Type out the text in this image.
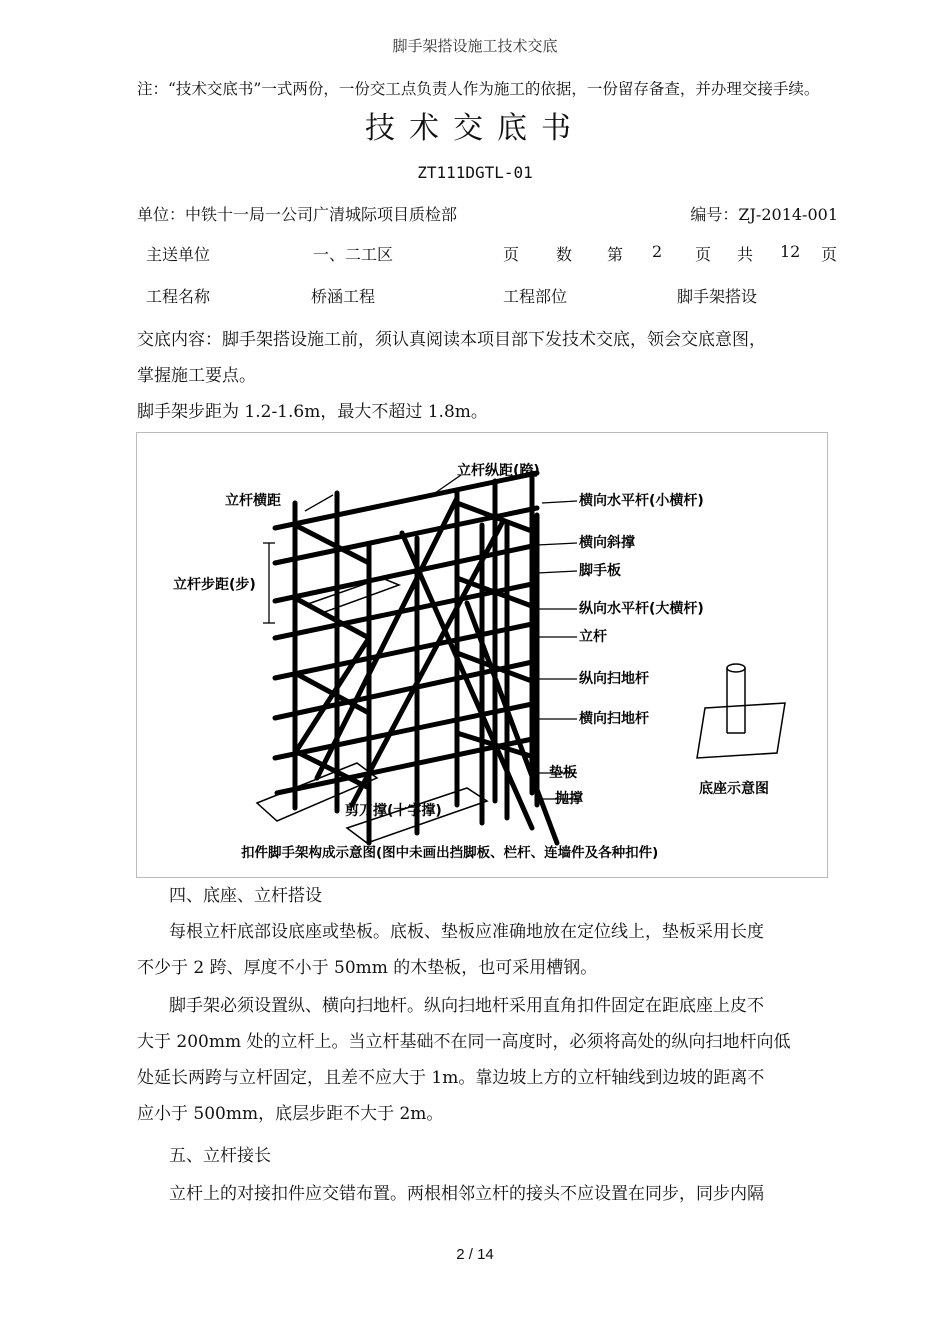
脚手架搭设施工技术交底
注：“技术交底书”一式两份，一份交工点负责人作为施工的依据，一份留存备查，并办理交接手续。
技术交底书
ZT111DGTL-01
单位：中铁十一局一公司广清城际项目质检部	编号：ZJ-2014-001
主送单位	一、二工区	页 数 第 2 页 共 12 页
工程名称	桥涵工程	工程部位	脚手架搭设
交底内容：脚手架搭设施工前，须认真阅读本项目部下发技术交底，领会交底意图，
掌握施工要点。
脚手架步距为 1.2-1.6m，最大不超过 1.8m。
立杆纵距(跨)
立杆横距	横向水平杆(小横杆)
横向斜撑
脚手板
立杆步距(步)
纵向水平杆(大横杆)
立杆
纵向扫地杆
横向扫地杆
垫板
抛撑
剪刀撑(十字撑)
底座示意图
扣件脚手架构成示意图(图中未画出挡脚板、栏杆、连墙件及各种扣件)
四、底座、立杆搭设
每根立杆底部设底座或垫板。底板、垫板应准确地放在定位线上，垫板采用长度
不少于 2 跨、厚度不小于 50mm 的木垫板，也可采用槽钢。
脚手架必须设置纵、横向扫地杆。纵向扫地杆采用直角扣件固定在距底座上皮不
大于 200mm 处的立杆上。当立杆基础不在同一高度时，必须将高处的纵向扫地杆向低
处延长两跨与立杆固定，且差不应大于 1m。靠边坡上方的立杆轴线到边坡的距离不
应小于 500mm，底层步距不大于 2m。
五、立杆接长
立杆上的对接扣件应交错布置。两根相邻立杆的接头不应设置在同步，同步内隔
2 / 14
